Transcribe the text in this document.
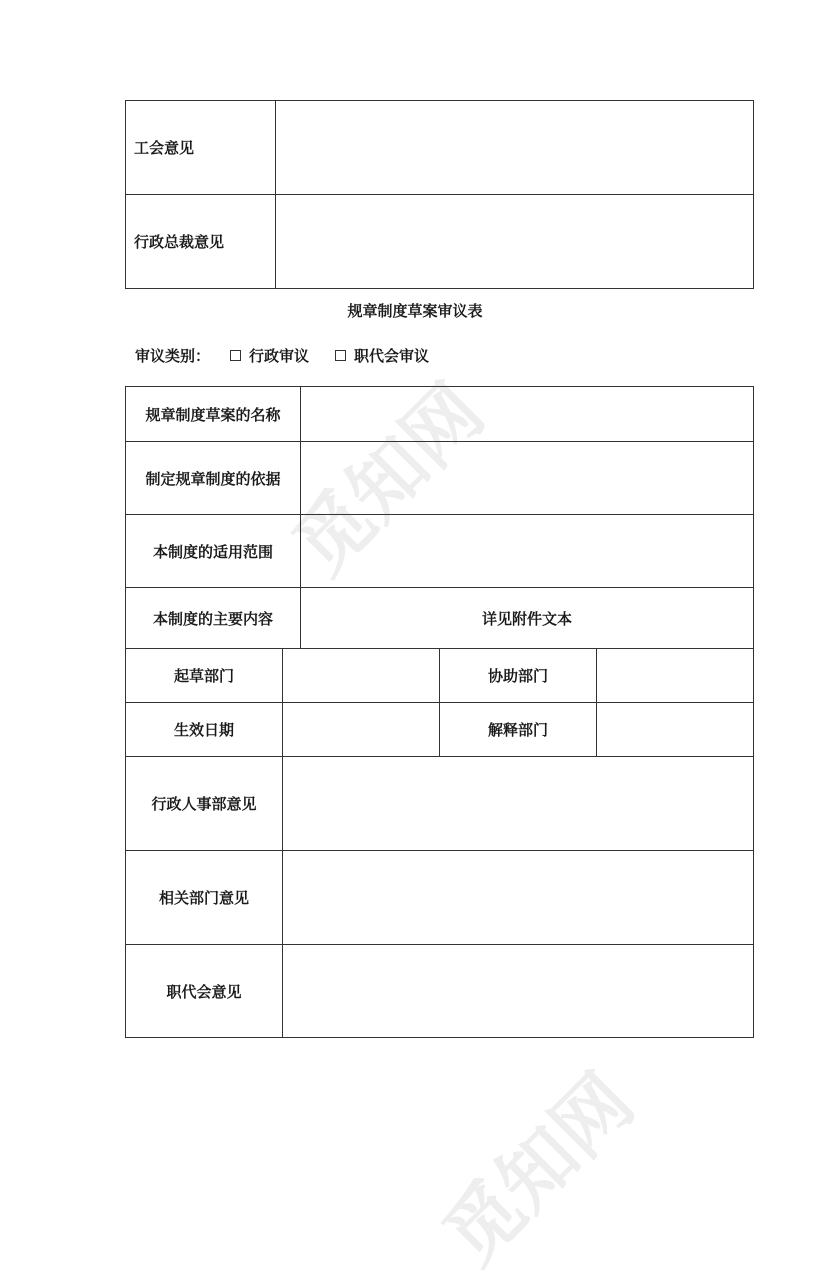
觅知网
觅知网
工会意见	
行政总裁意见	
规章制度草案审议表
审议类别：	行政审议	职代会审议
规章制度草案的名称				
制定规章制度的依据				
本制度的适用范围				
本制度的主要内容		详见附件文本		
起草部门			协助部门	
生效日期			解释部门	
行政人事部意见				
相关部门意见				
职代会意见				
